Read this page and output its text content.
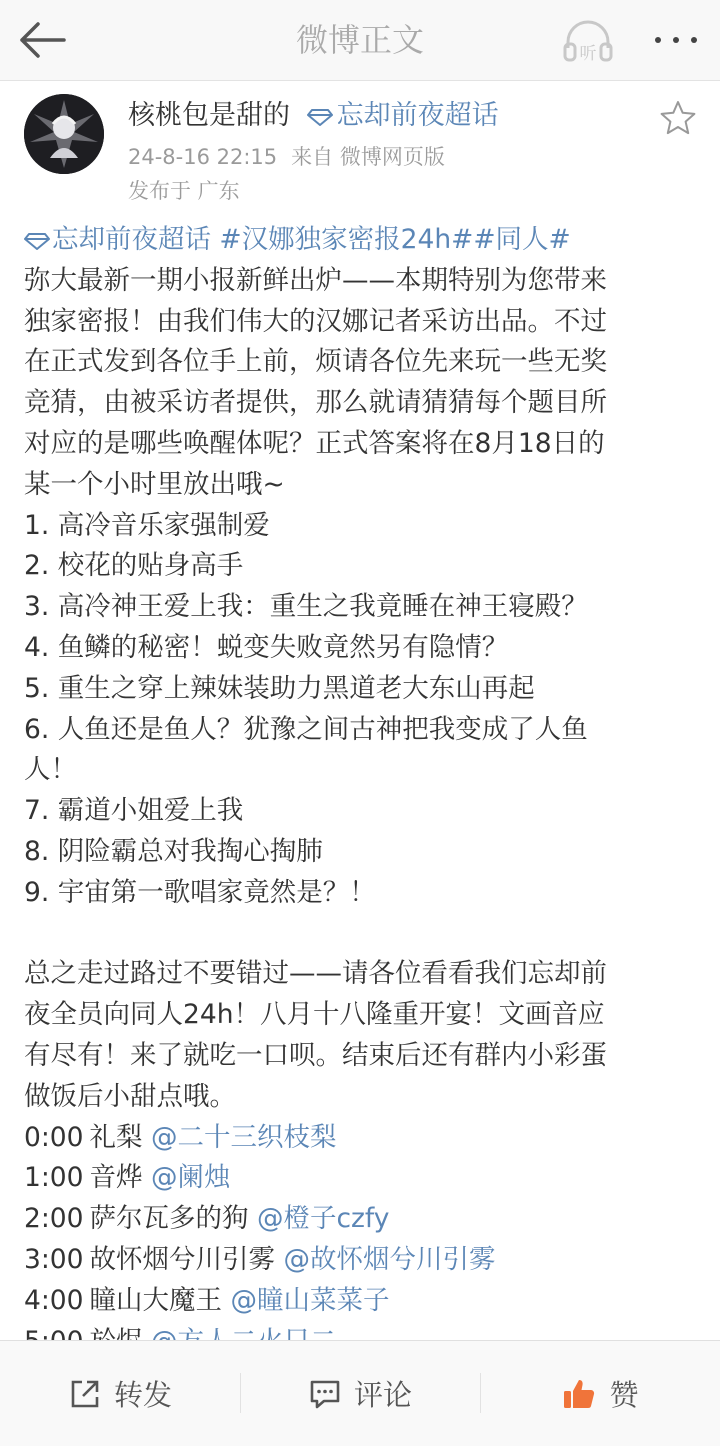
微博正文	听
核桃包是甜的 忘却前夜超话
24-8-16 22:15 来自 微博网页版
发布于 广东
忘却前夜超话 #汉娜独家密报24h##同人#
弥大最新一期小报新鲜出炉——本期特别为您带来
独家密报！由我们伟大的汉娜记者采访出品。不过
在正式发到各位手上前，烦请各位先来玩一些无奖
竞猜，由被采访者提供，那么就请猜猜每个题目所
对应的是哪些唤醒体呢？正式答案将在8月18日的
某一个小时里放出哦~
1. 高冷音乐家强制爱
2. 校花的贴身高手
3. 高冷神王爱上我：重生之我竟睡在神王寝殿？
4. 鱼鳞的秘密！蜕变失败竟然另有隐情？
5. 重生之穿上辣妹装助力黑道老大东山再起
6. 人鱼还是鱼人？犹豫之间古神把我变成了人鱼
人！
7. 霸道小姐爱上我
8. 阴险霸总对我掏心掏肺
9. 宇宙第一歌唱家竟然是？！
总之走过路过不要错过——请各位看看我们忘却前
夜全员向同人24h！八月十八隆重开宴！文画音应
有尽有！来了就吃一口呗。结束后还有群内小彩蛋
做饭后小甜点哦。
0:00 礼梨 @二十三织枝梨
1:00 音烨 @阑烛
2:00 萨尔瓦多的狗 @橙子czfy
3:00 故怀烟兮川引雾 @故怀烟兮川引雾
4:00 瞳山大魔王 @瞳山菜菜子
转发	评论	赞
